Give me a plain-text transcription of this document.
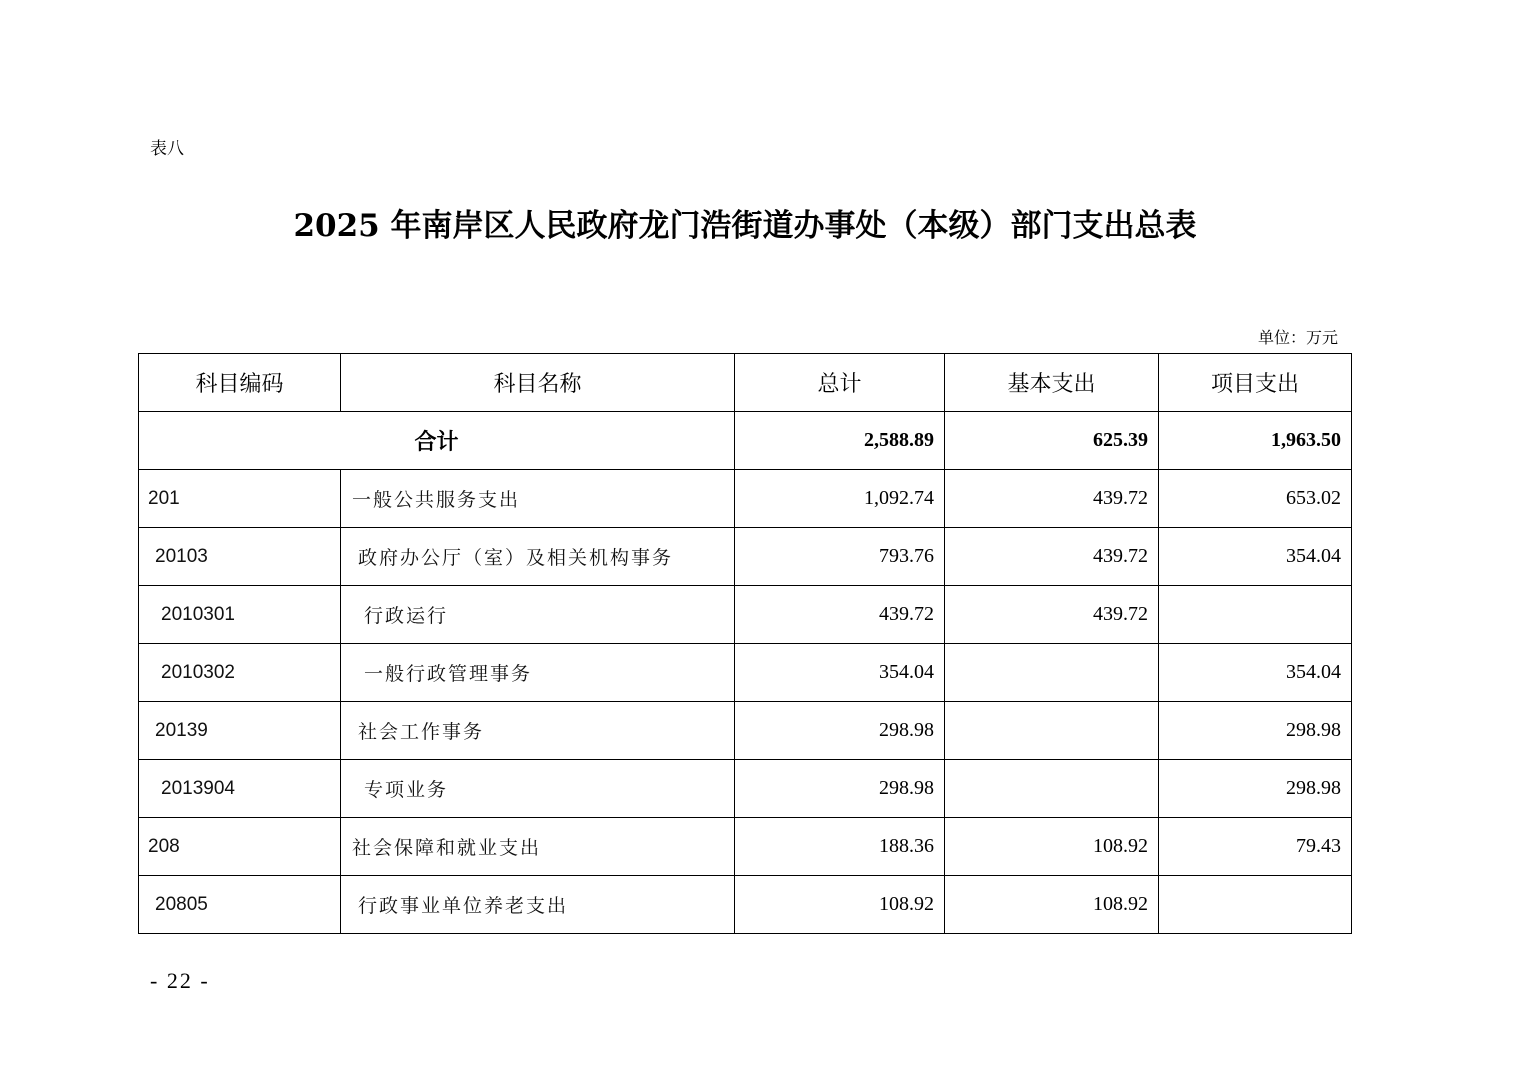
表八
2025 年南岸区人民政府龙门浩街道办事处（本级）部门支出总表
单位：万元
科目编码	科目名称	总计	基本支出	项目支出
合计		2,588.89	625.39	1,963.50
201	一般公共服务支出	1,092.74	439.72	653.02
20103	政府办公厅（室）及相关机构事务	793.76	439.72	354.04
2010301	行政运行	439.72	439.72	
2010302	一般行政管理事务	354.04		354.04
20139	社会工作事务	298.98		298.98
2013904	专项业务	298.98		298.98
208	社会保障和就业支出	188.36	108.92	79.43
20805	行政事业单位养老支出	108.92	108.92	
- 22 -
